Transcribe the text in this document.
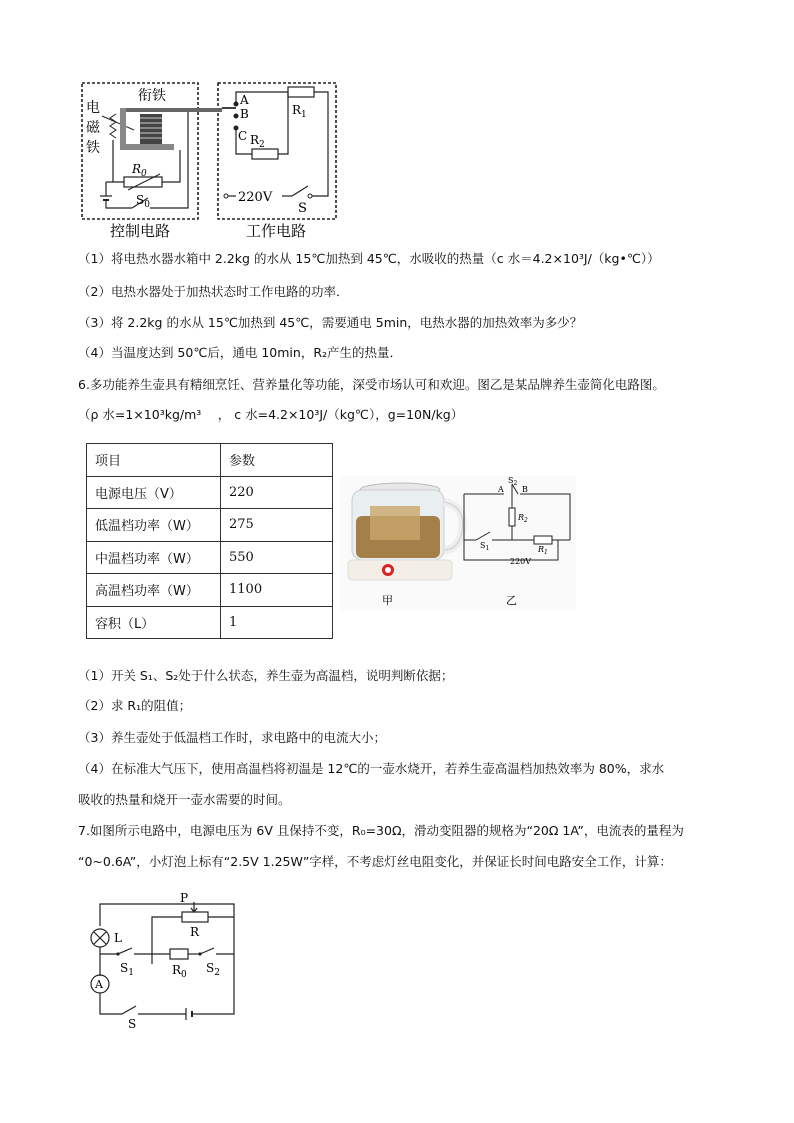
电
磁
铁
衔铁
$R_0$
$S_0$
A
B
C
$R_1$
$R_2$
220V
S
控制电路	工作电路
（1）将电热水器水箱中 2.2kg 的水从 15℃加热到 45℃，水吸收的热量（c 水＝4.2×10³J/（kg•℃））
（2）电热水器处于加热状态时工作电路的功率．
（3）将 2.2kg 的水从 15℃加热到 45℃，需要通电 5min，电热水器的加热效率为多少？
（4）当温度达到 50℃后，通电 10min，R₂产生的热量．
6.多功能养生壶具有精细烹饪、营养量化等功能，深受市场认可和欢迎。图乙是某品牌养生壶简化电路图。
（ρ 水=1×10³kg/m³　 ， c 水=4.2×10³J/（kg℃），g=10N/kg）
项目	参数
电源电压（V）	220
低温档功率（W）	275
中温档功率（W）	550
高温档功率（W）	1100
容积（L）	1
甲
A B
$S_2$
$R_2$
$S_1$	$R_1$
220V
乙
（1）开关 S₁、S₂处于什么状态，养生壶为高温档，说明判断依据；
（2）求 R₁的阻值；
（3）养生壶处于低温档工作时，求电路中的电流大小；
（4）在标准大气压下，使用高温档将初温是 12℃的一壶水烧开，若养生壶高温档加热效率为 80%，求水
吸收的热量和烧开一壶水需要的时间。
7.如图所示电路中，电源电压为 6V 且保持不变，R₀=30Ω，滑动变阻器的规格为“20Ω 1A”，电流表的量程为
“0~0.6A”，小灯泡上标有“2.5V 1.25W”字样，不考虑灯丝电阻变化，并保证长时间电路安全工作，计算：
P
R
L
$S_1$	$R_0$ $S_2$
A
S
